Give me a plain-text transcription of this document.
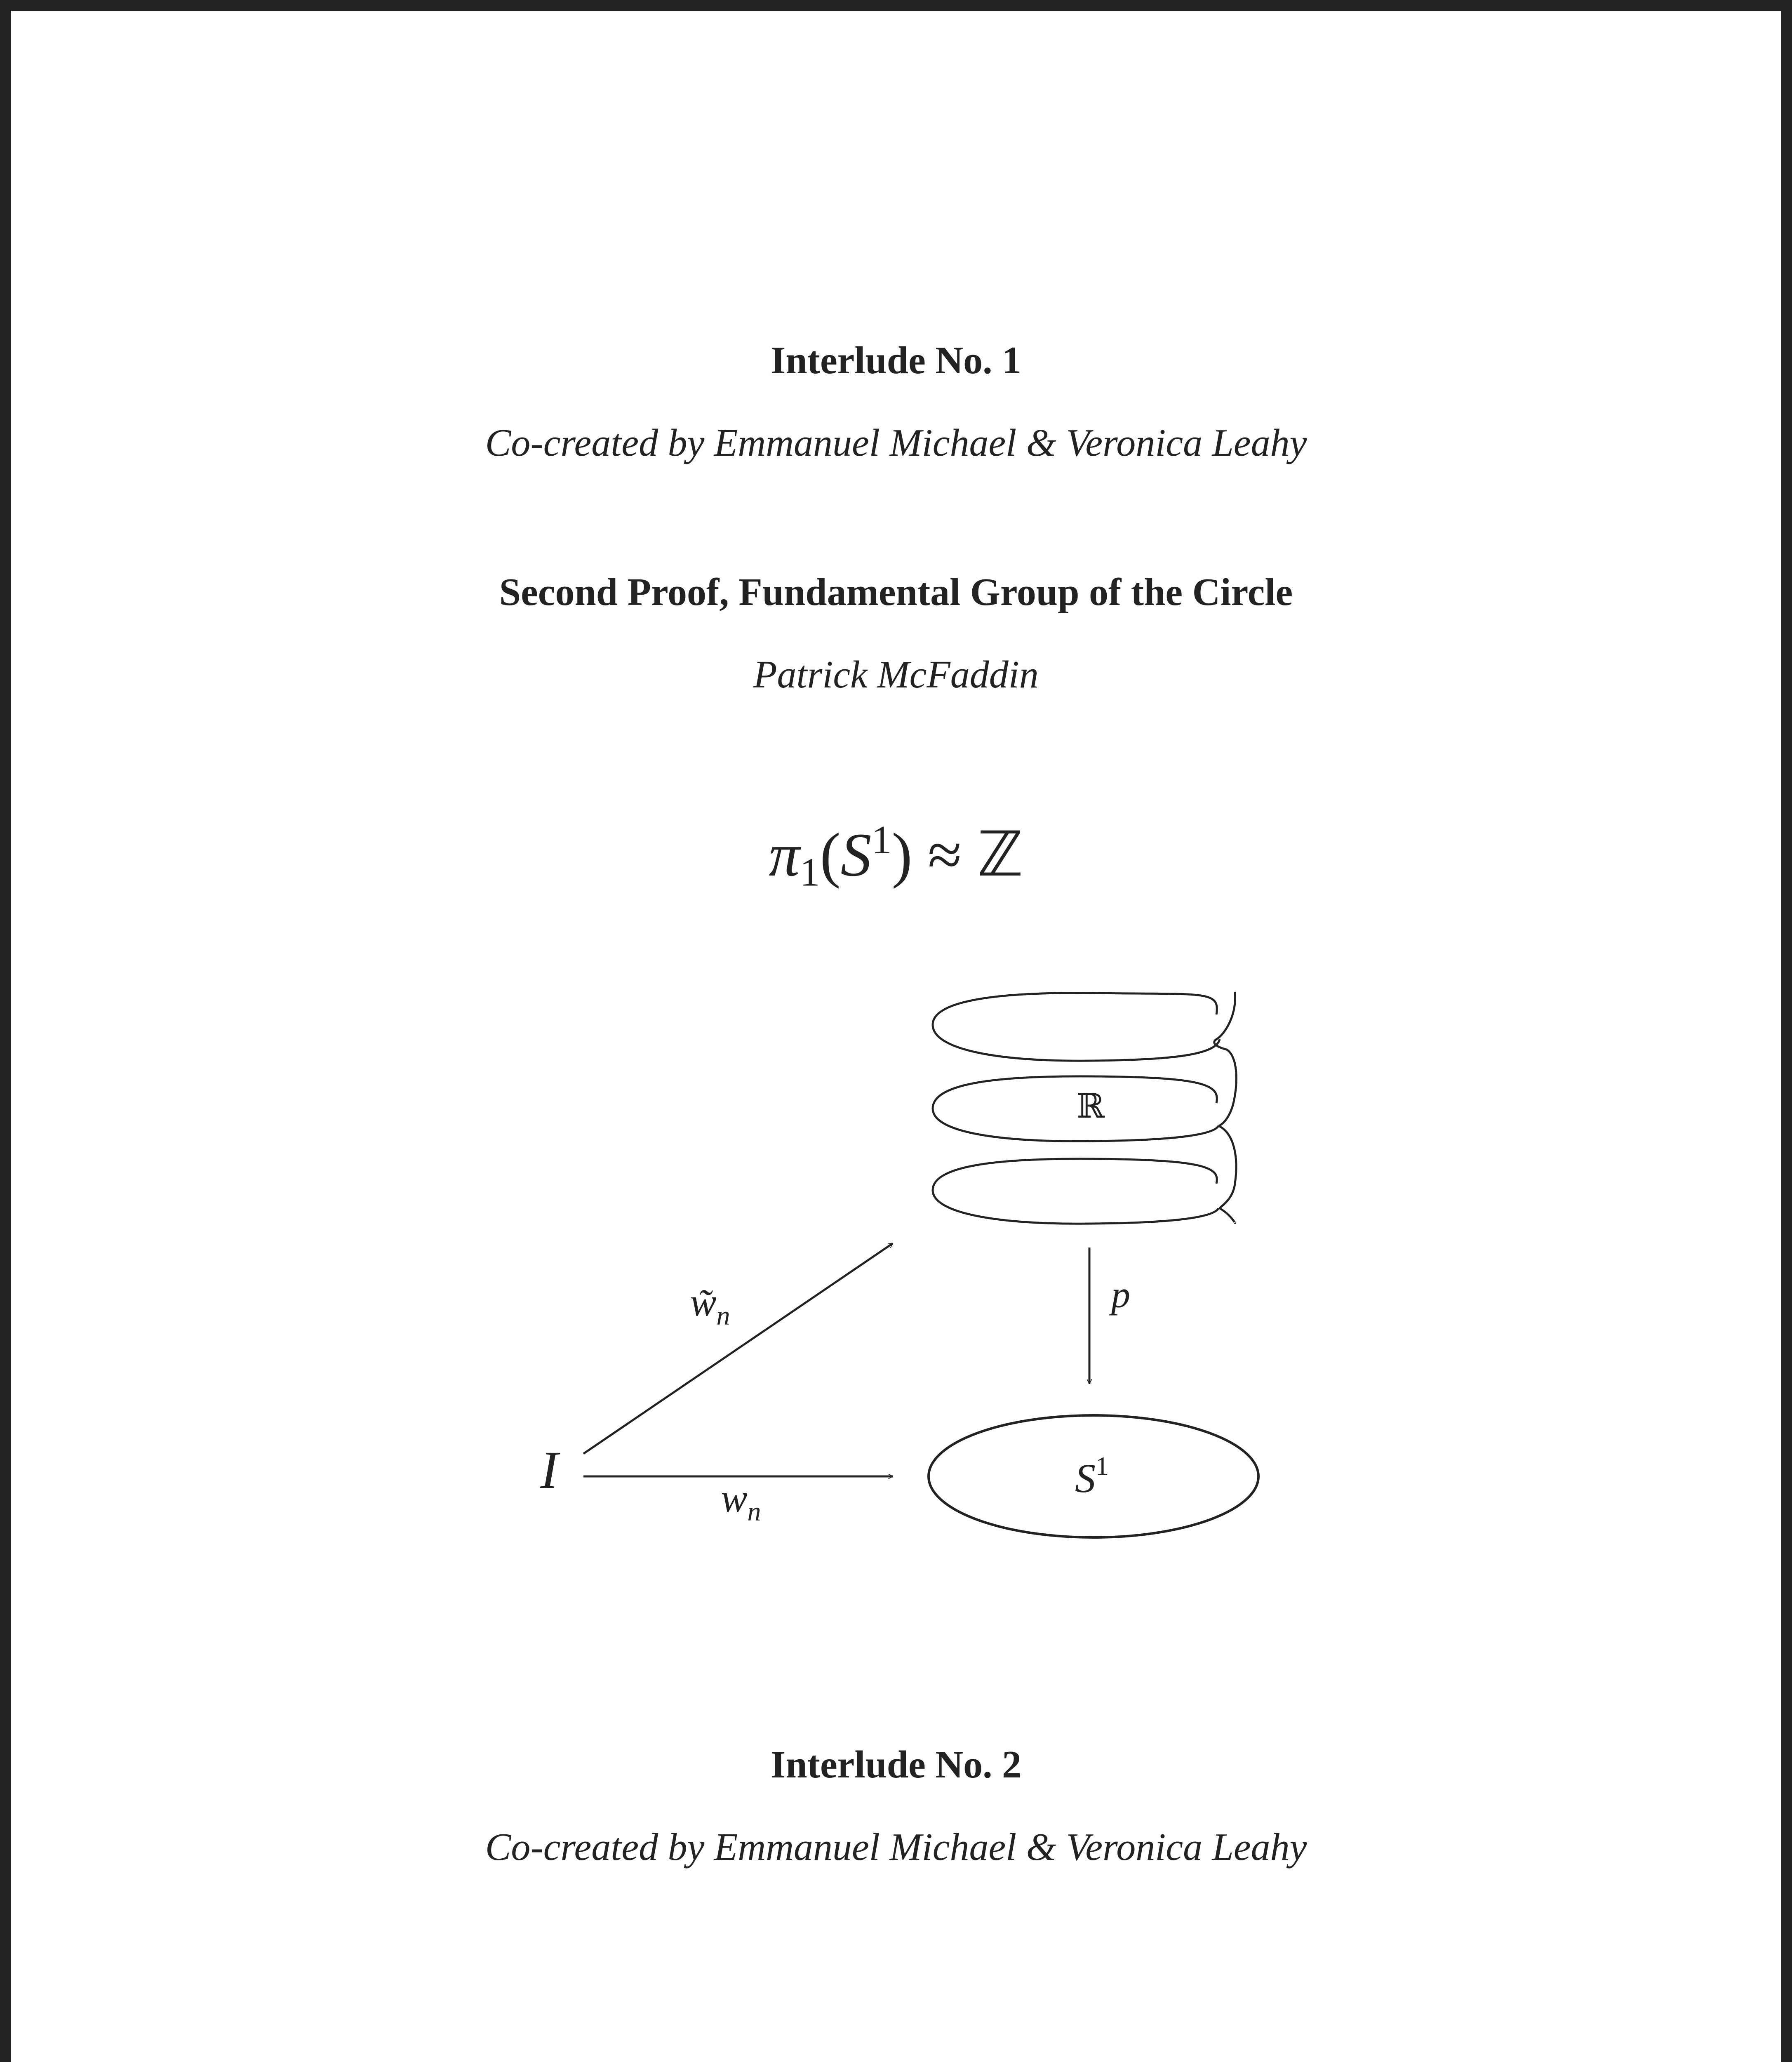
Interlude No. 1
Co-created by Emmanuel Michael & Veronica Leahy
Second Proof, Fundamental Group of the Circle
Patrick McFaddin
$\pi_1(S^1)$ ≈ ℤ
I
$w̃_n$
$w_n$
p
ℝ
$S^1$
Interlude No. 2
Co-created by Emmanuel Michael & Veronica Leahy
